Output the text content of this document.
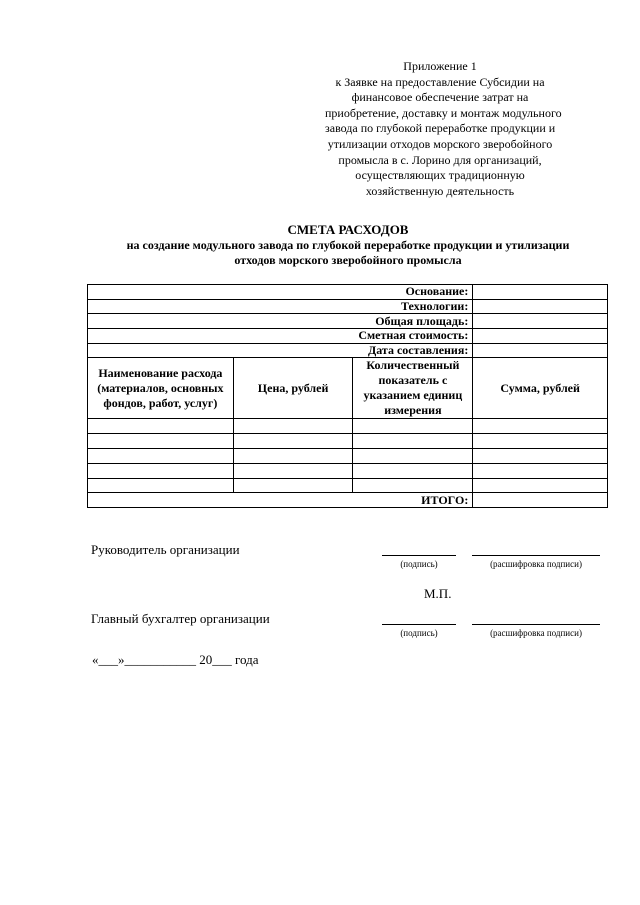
Приложение 1
к Заявке на предоставление Субсидии на
финансовое обеспечение затрат на
приобретение, доставку и монтаж модульного
завода по глубокой переработке продукции и
утилизации отходов морского зверобойного
промысла в с. Лорино для организаций,
осуществляющих традиционную
хозяйственную деятельность
СМЕТА РАСХОДОВ
на создание модульного завода по глубокой переработке продукции и утилизации
отходов морского зверобойного промысла
Основание:			
Технологии:			
Общая площадь:			
Сметная стоимость:			
Дата составления:			
Наименование расхода (материалов, основных фондов, работ, услуг)	Цена, рублей	Количественный показатель с указанием единиц измерения	Сумма, рублей

ИТОГО:			
Руководитель организации
(подпись)	(расшифровка подписи)
М.П.
Главный бухгалтер организации
(подпись)	(расшифровка подписи)
«___»___________ 20___ года
